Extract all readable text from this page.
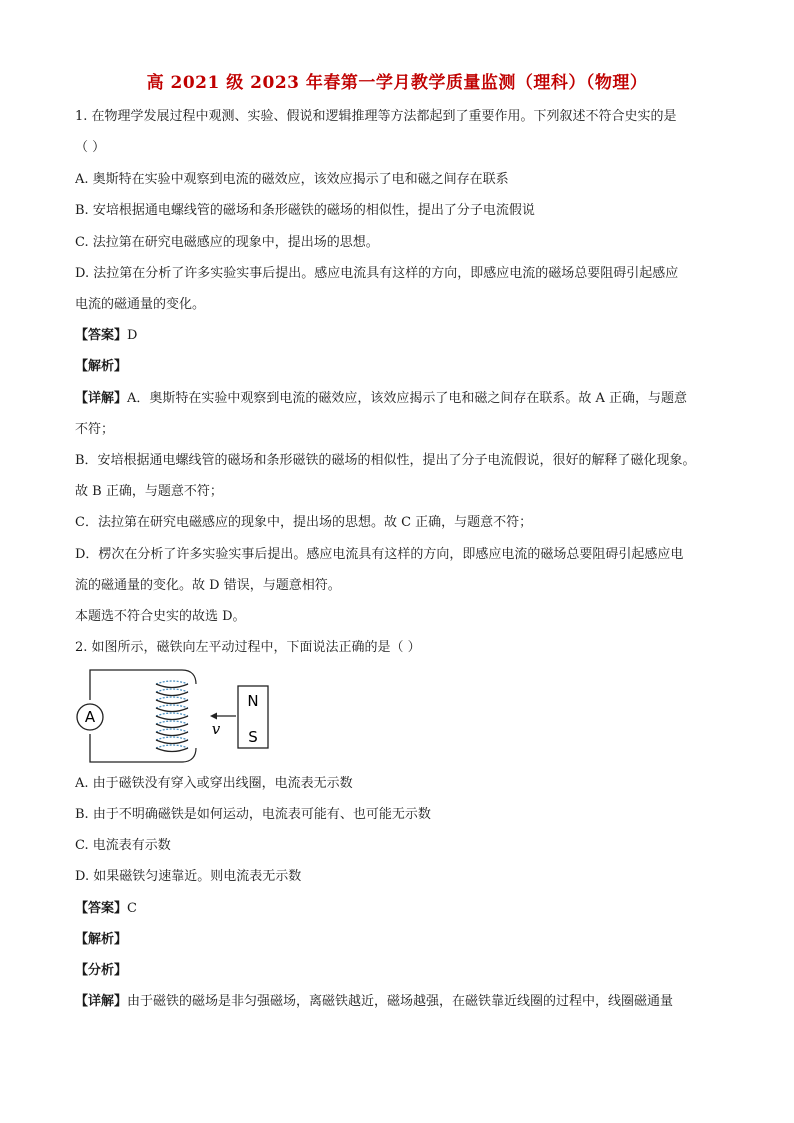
高 2021 级 2023 年春第一学月教学质量监测（理科）（物理）
1. 在物理学发展过程中观测、实验、假说和逻辑推理等方法都起到了重要作用。下列叙述不符合史实的是
（ ）
A. 奥斯特在实验中观察到电流的磁效应，该效应揭示了电和磁之间存在联系
B. 安培根据通电螺线管的磁场和条形磁铁的磁场的相似性，提出了分子电流假说
C. 法拉第在研究电磁感应的现象中，提出场的思想。
D. 法拉第在分析了许多实验实事后提出。感应电流具有这样的方向，即感应电流的磁场总要阻碍引起感应
电流的磁通量的变化。
【答案】D
【解析】
【详解】A．奥斯特在实验中观察到电流的磁效应，该效应揭示了电和磁之间存在联系。故 A 正确，与题意
不符；
B．安培根据通电螺线管的磁场和条形磁铁的磁场的相似性，提出了分子电流假说，很好的解释了磁化现象。
故 B 正确，与题意不符；
C．法拉第在研究电磁感应的现象中，提出场的思想。故 C 正确，与题意不符；
D．楞次在分析了许多实验实事后提出。感应电流具有这样的方向，即感应电流的磁场总要阻碍引起感应电
流的磁通量的变化。故 D 错误，与题意相符。
本题选不符合史实的故选 D。
2. 如图所示，磁铁向左平动过程中，下面说法正确的是（ ）
A
v
N
S
A. 由于磁铁没有穿入或穿出线圈，电流表无示数
B. 由于不明确磁铁是如何运动，电流表可能有、也可能无示数
C. 电流表有示数
D. 如果磁铁匀速靠近。则电流表无示数
【答案】C
【解析】
【分析】
【详解】由于磁铁的磁场是非匀强磁场，离磁铁越近，磁场越强，在磁铁靠近线圈的过程中，线圈磁通量
